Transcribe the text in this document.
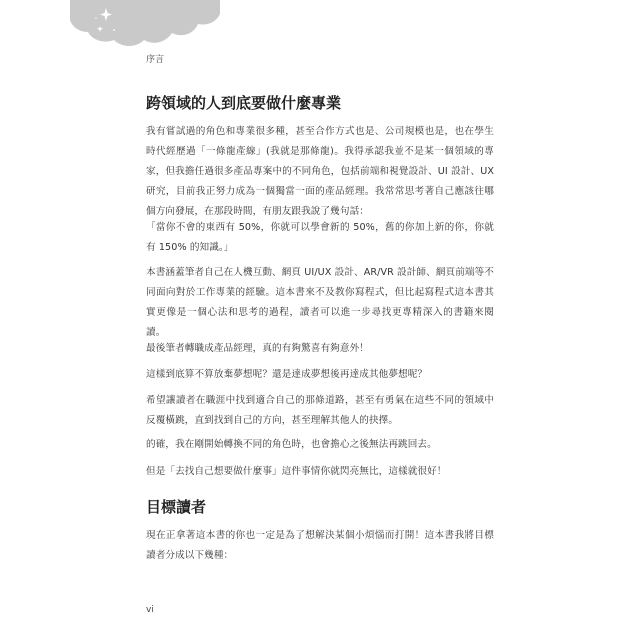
序言
跨領域的人到底要做什麼專業

我有嘗試過的角色和專業很多種，甚至合作方式也是、公司規模也是，也在學生時代經歷過「一條龍產線」(我就是那條龍)。我得承認我並不是某一個領域的專家，但我擔任過很多產品專案中的不同角色，包括前端和視覺設計、UI 設計、UX 研究，目前我正努力成為一個獨當一面的產品經理。我常常思考著自己應該往哪個方向發展，在那段時間，有朋友跟我說了幾句話：

「當你不會的東西有 50%，你就可以學會新的 50%，舊的你加上新的你，你就有 150% 的知識。」

本書涵蓋筆者自己在人機互動、網頁 UI/UX 設計、AR/VR 設計師、網頁前端等不同面向對於工作專業的經驗。這本書來不及教你寫程式，但比起寫程式這本書其實更像是一個心法和思考的過程，讀者可以進一步尋找更專精深入的書籍來閱讀。

最後筆者轉職成產品經理，真的有夠驚喜有夠意外！

這樣到底算不算放棄夢想呢？還是達成夢想後再達成其他夢想呢？

希望讓讀者在職涯中找到適合自己的那條道路，甚至有勇氣在這些不同的領域中反覆橫跳，直到找到自己的方向，甚至理解其他人的抉擇。

的確，我在剛開始轉換不同的角色時，也會擔心之後無法再跳回去。

但是「去找自己想要做什麼事」這件事情你就閃亮無比，這樣就很好！

目標讀者

現在正拿著這本書的你也一定是為了想解決某個小煩惱而打開！這本書我將目標讀者分成以下幾種：

vi
